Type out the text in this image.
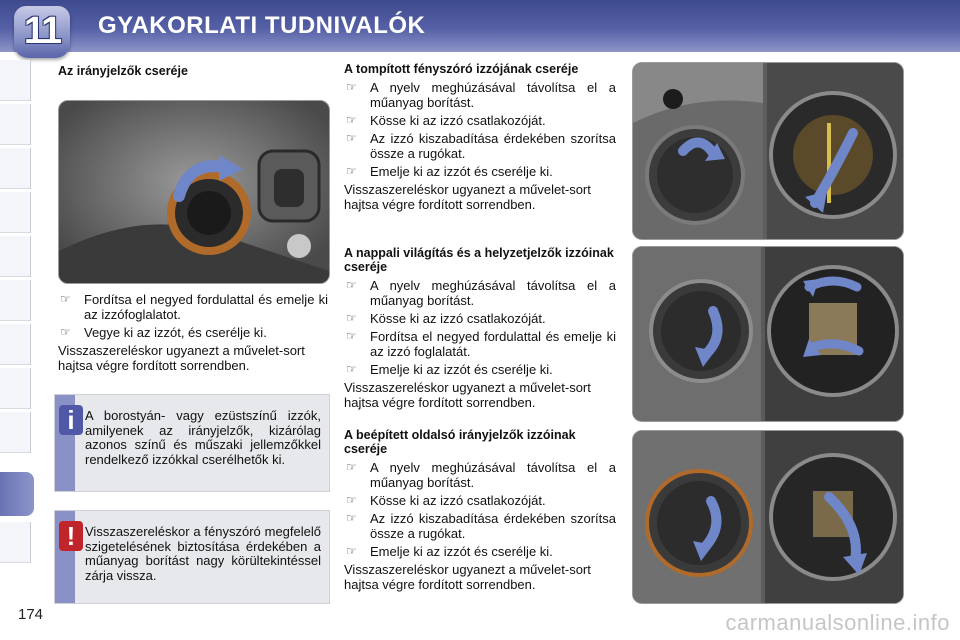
11	GYAKORLATI TUDNIVALÓK
Az irányjelzők cseréje
☞ Fordítsa el negyed fordulattal és emelje ki az izzófoglalatot.
☞ Vegye ki az izzót, és cserélje ki.

Visszaszereléskor ugyanezt a művelet-sort hajtsa végre fordított sorrendben.

i A borostyán- vagy ezüstszínű izzók, amilyenek az irányjelzők, kizárólag azonos színű és műszaki jellemzőkkel rendelkező izzókkal cserélhetők ki.
! Visszaszereléskor a fényszóró megfelelő szigetelésének biztosítása érdekében a műanyag borítást nagy körültekintéssel zárja vissza.
A tompított fényszóró izzójának cseréje
☞ A nyelv meghúzásával távolítsa el a műanyag borítást.
☞ Kösse ki az izzó csatlakozóját.
☞ Az izzó kiszabadítása érdekében szorítsa össze a rugókat.
☞ Emelje ki az izzót és cserélje ki.

Visszaszereléskor ugyanezt a művelet-sort hajtsa végre fordított sorrendben.

A nappali világítás és a helyzetjelzők izzóinak cseréje
☞ A nyelv meghúzásával távolítsa el a műanyag borítást.
☞ Kösse ki az izzó csatlakozóját.
☞ Fordítsa el negyed fordulattal és emelje ki az izzó foglalatát.
☞ Emelje ki az izzót és cserélje ki.

Visszaszereléskor ugyanezt a művelet-sort hajtsa végre fordított sorrendben.

A beépített oldalsó irányjelzők izzóinak cseréje
☞ A nyelv meghúzásával távolítsa el a műanyag borítást.
☞ Kösse ki az izzó csatlakozóját.
☞ Az izzó kiszabadítása érdekében szorítsa össze a rugókat.
☞ Emelje ki az izzót és cserélje ki.

Visszaszereléskor ugyanezt a művelet-sort hajtsa végre fordított sorrendben.

174	carmanualsonline.info
